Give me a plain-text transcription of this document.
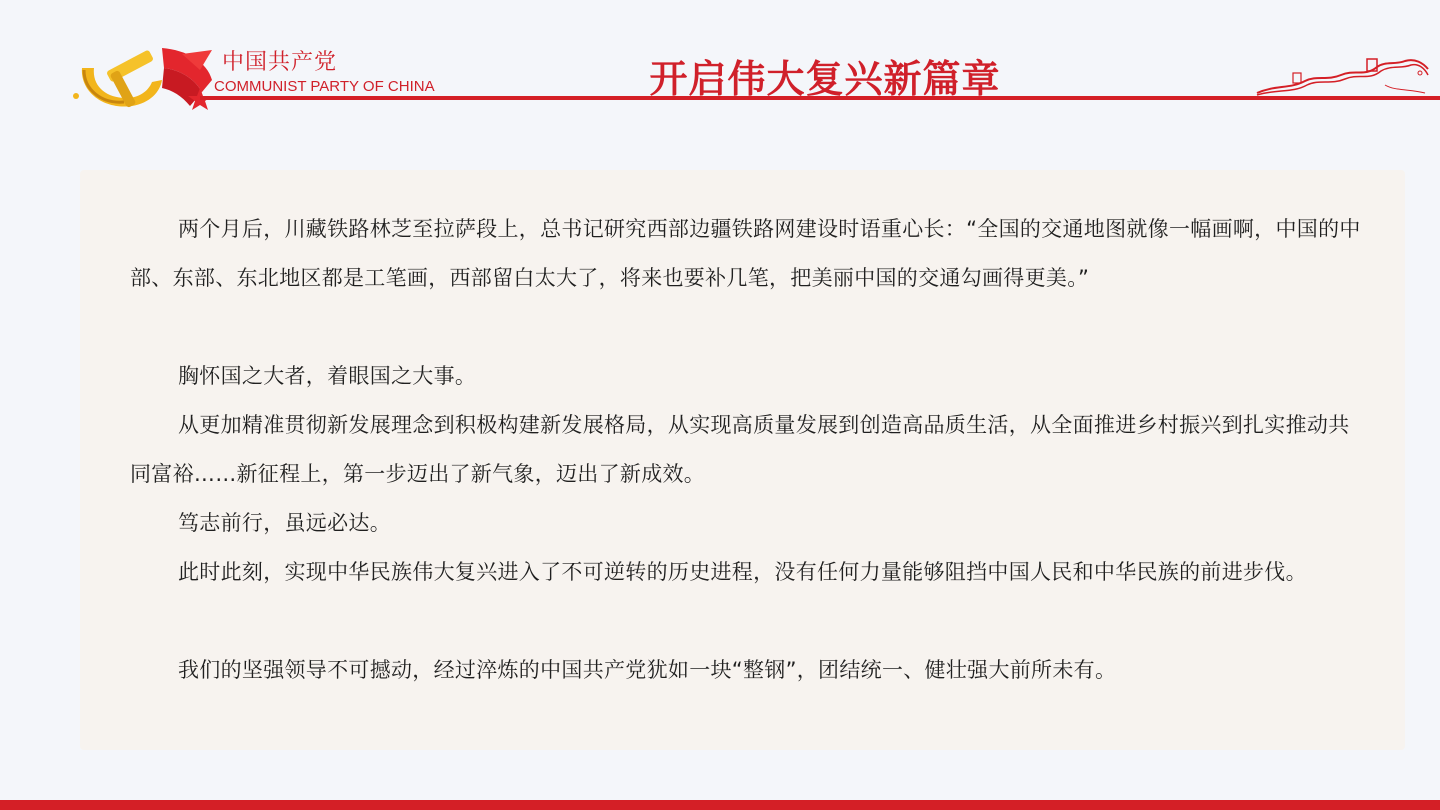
中国共产党
COMMUNIST PARTY OF CHINA	开启伟大复兴新篇章

两个月后，川藏铁路林芝至拉萨段上，总书记研究西部边疆铁路网建设时语重心长：“全国的交通地图就像一幅画啊，中国的中部、东部、东北地区都是工笔画，西部留白太大了，将来也要补几笔，把美丽中国的交通勾画得更美。”

胸怀国之大者，着眼国之大事。

从更加精准贯彻新发展理念到积极构建新发展格局，从实现高质量发展到创造高品质生活，从全面推进乡村振兴到扎实推动共同富裕……新征程上，第一步迈出了新气象，迈出了新成效。

笃志前行，虽远必达。

此时此刻，实现中华民族伟大复兴进入了不可逆转的历史进程，没有任何力量能够阻挡中国人民和中华民族的前进步伐。

我们的坚强领导不可撼动，经过淬炼的中国共产党犹如一块“整钢”，团结统一、健壮强大前所未有。
